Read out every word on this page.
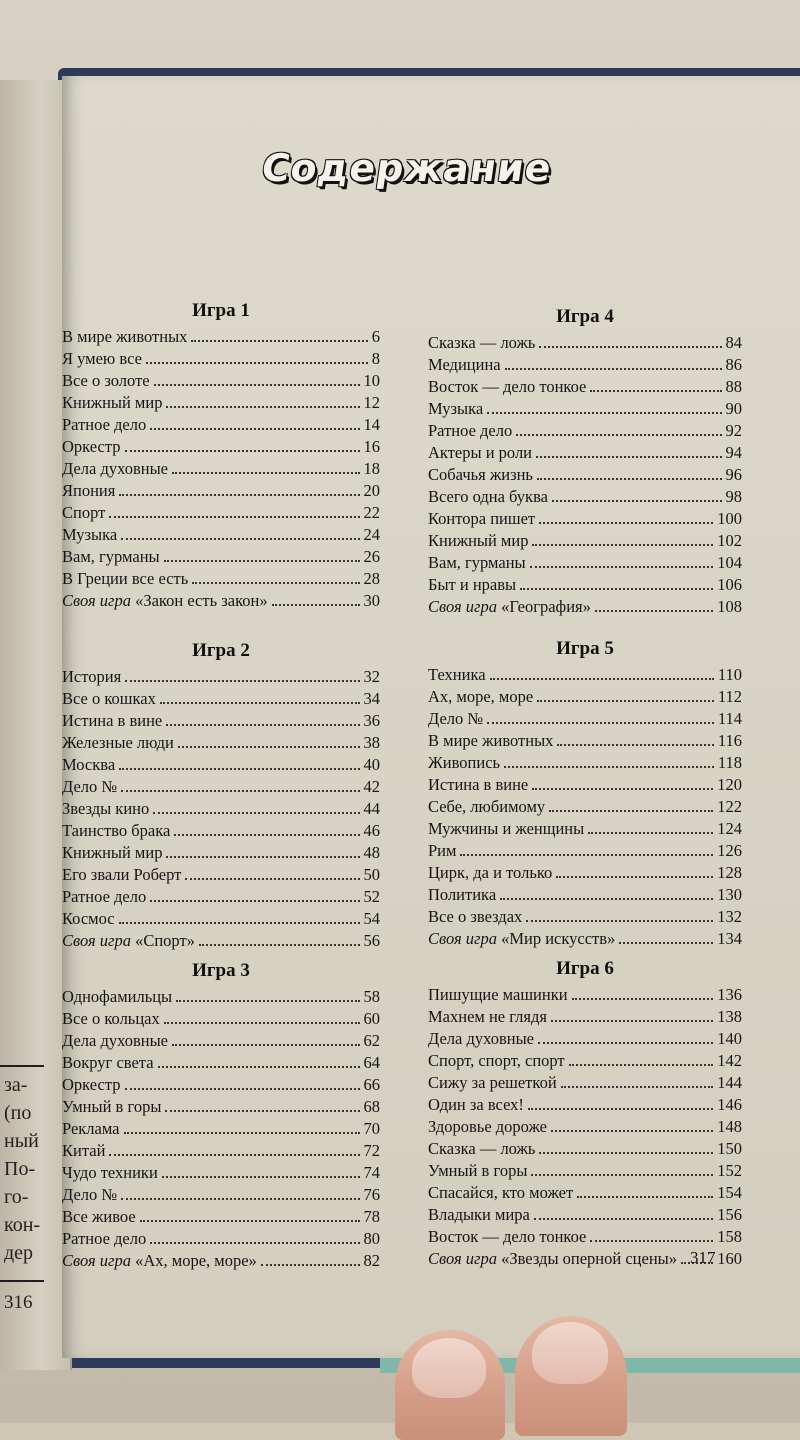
за-
(по
ный
По-
го-
кон-
дер
316
Содержание
Игра 1
В мире животных	6
Я умею все	8
Все о золоте	10
Книжный мир	12
Ратное дело	14
Оркестр	16
Дела духовные	18
Япония	20
Спорт	22
Музыка	24
Вам, гурманы	26
В Греции все есть	28
Своя игра «Закон есть закон»	30
Игра 2
История	32
Все о кошках	34
Истина в вине	36
Железные люди	38
Москва	40
Дело №	42
Звезды кино	44
Таинство брака	46
Книжный мир	48
Его звали Роберт	50
Ратное дело	52
Космос	54
Своя игра «Спорт»	56
Игра 3
Однофамильцы	58
Все о кольцах	60
Дела духовные	62
Вокруг света	64
Оркестр	66
Умный в горы	68
Реклама	70
Китай	72
Чудо техники	74
Дело №	76
Все живое	78
Ратное дело	80
Своя игра «Ах, море, море»	82
Игра 4
Сказка — ложь	84
Медицина	86
Восток — дело тонкое	88
Музыка	90
Ратное дело	92
Актеры и роли	94
Собачья жизнь	96
Всего одна буква	98
Контора пишет	100
Книжный мир	102
Вам, гурманы	104
Быт и нравы	106
Своя игра «География»	108
Игра 5
Техника	110
Ах, море, море	112
Дело №	114
В мире животных	116
Живопись	118
Истина в вине	120
Себе, любимому	122
Мужчины и женщины	124
Рим	126
Цирк, да и только	128
Политика	130
Все о звездах	132
Своя игра «Мир искусств»	134
Игра 6
Пишущие машинки	136
Махнем не глядя	138
Дела духовные	140
Спорт, спорт, спорт	142
Сижу за решеткой	144
Один за всех!	146
Здоровье дороже	148
Сказка — ложь	150
Умный в горы	152
Спасайся, кто может	154
Владыки мира	156
Восток — дело тонкое	158
Своя игра «Звезды оперной сцены» 160
317
